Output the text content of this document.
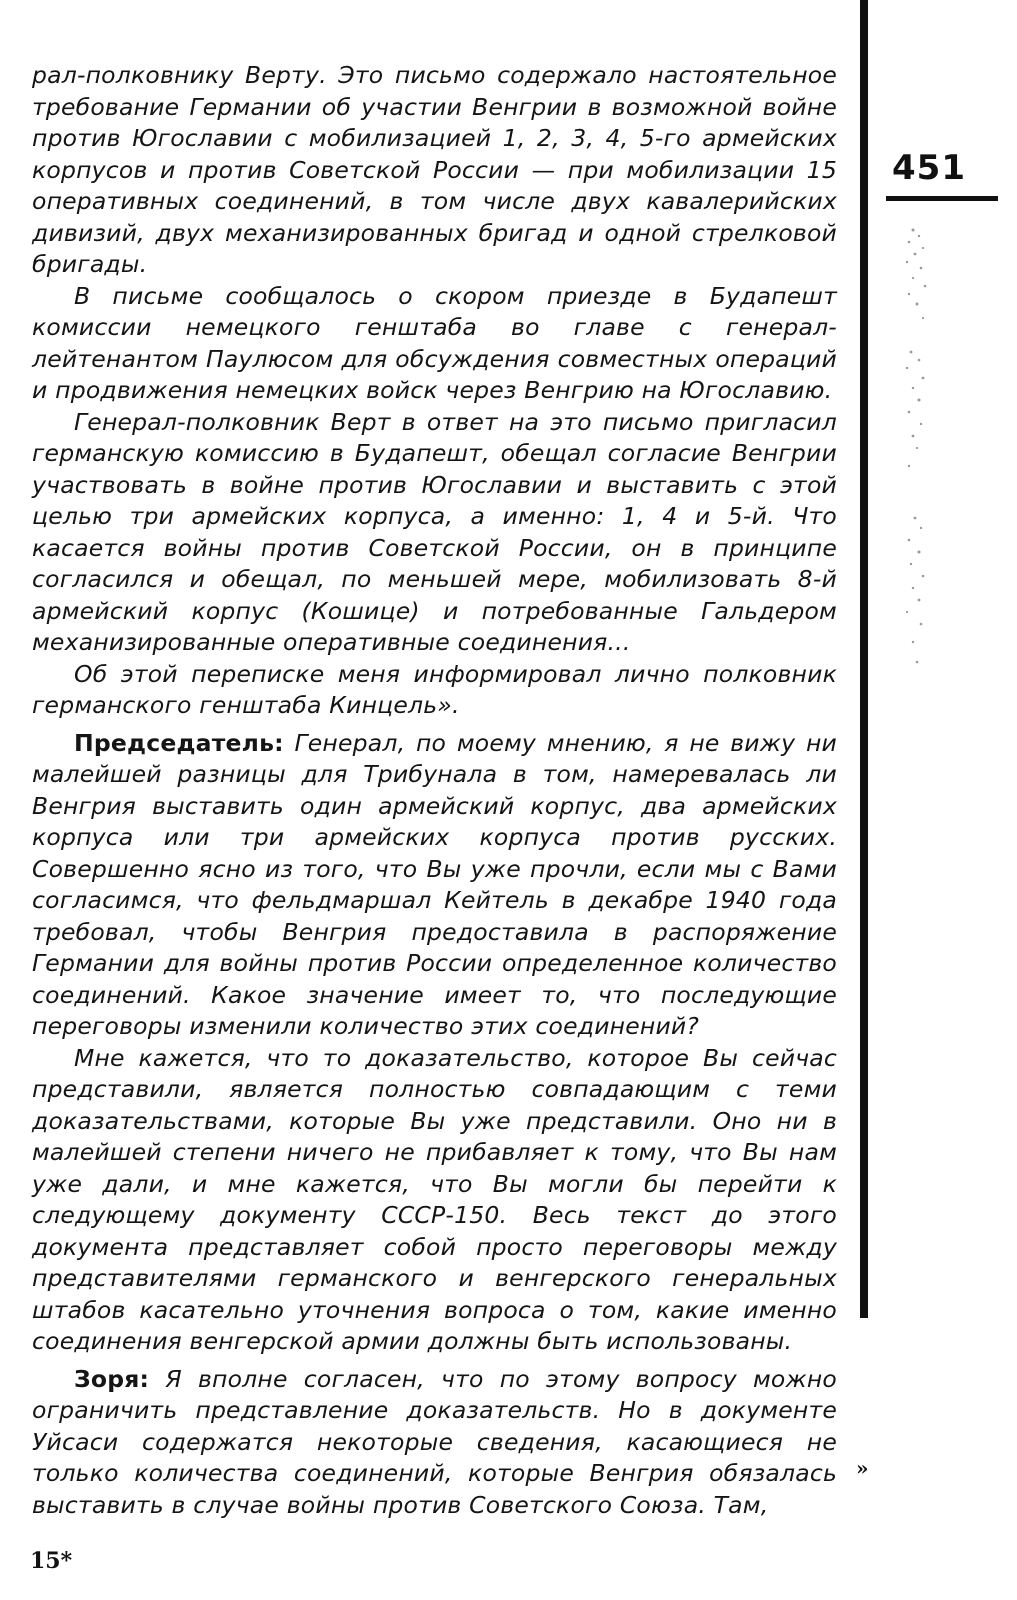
451

рал-полковнику Верту. Это письмо содержало настоятельное требование Германии об участии Венгрии в возможной войне против Югославии с мобилизацией 1, 2, 3, 4, 5-го армейских корпусов и против Советской России — при мобилизации 15 оперативных соединений, в том числе двух кавалерийских дивизий, двух механизированных бригад и одной стрелковой бригады.

В письме сообщалось о скором приезде в Будапешт комиссии немецкого генштаба во главе с генерал-лейтенантом Паулюсом для обсуждения совместных операций и продвижения немецких войск через Венгрию на Югославию.

Генерал-полковник Верт в ответ на это письмо пригласил германскую комиссию в Будапешт, обещал согласие Венгрии участвовать в войне против Югославии и выставить с этой целью три армейских корпуса, а именно: 1, 4 и 5-й. Что касается войны против Советской России, он в принципе согласился и обещал, по меньшей мере, мобилизовать 8-й армейский корпус (Кошице) и потребованные Гальдером механизированные оперативные соединения...

Об этой переписке меня информировал лично полковник германского генштаба Кинцель».

Председатель: Генерал, по моему мнению, я не вижу ни малейшей разницы для Трибунала в том, намеревалась ли Венгрия выставить один армейский корпус, два армейских корпуса или три армейских корпуса против русских. Совершенно ясно из того, что Вы уже прочли, если мы с Вами согласимся, что фельдмаршал Кейтель в декабре 1940 года требовал, чтобы Венгрия предоставила в распоряжение Германии для войны против России определенное количество соединений. Какое значение имеет то, что последующие переговоры изменили количество этих соединений?

Мне кажется, что то доказательство, которое Вы сейчас представили, является полностью совпадающим с теми доказательствами, которые Вы уже представили. Оно ни в малейшей степени ничего не прибавляет к тому, что Вы нам уже дали, и мне кажется, что Вы могли бы перейти к следующему документу СССР-150. Весь текст до этого документа представляет собой просто переговоры между представителями германского и венгерского генеральных штабов касательно уточнения вопроса о том, какие именно соединения венгерской армии должны быть использованы.

Зоря: Я вполне согласен, что по этому вопросу можно ограничить представление доказательств. Но в документе Уйсаси содержатся некоторые сведения, касающиеся не только количества соединений, которые Венгрия обязалась выставить в случае войны против Советского Союза. Там,

»
15*
